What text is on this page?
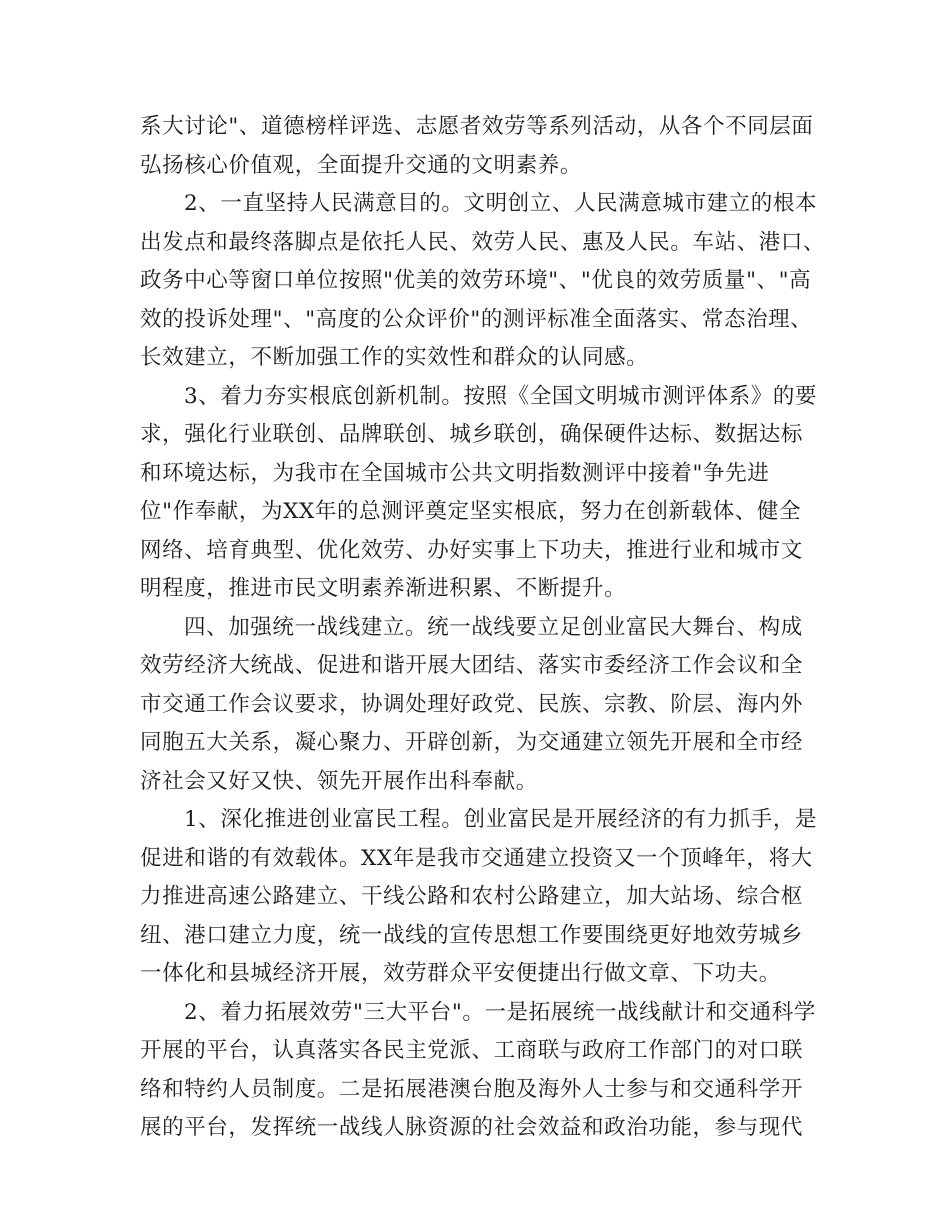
系大讨论"、道德榜样评选、志愿者效劳等系列活动，从各个不同层面
弘扬核心价值观，全面提升交通的文明素养。
2、一直坚持人民满意目的。文明创立、人民满意城市建立的根本
出发点和最终落脚点是依托人民、效劳人民、惠及人民。车站、港口、
政务中心等窗口单位按照"优美的效劳环境"、"优良的效劳质量"、"高
效的投诉处理"、"高度的公众评价"的测评标准全面落实、常态治理、
长效建立，不断加强工作的实效性和群众的认同感。
3、着力夯实根底创新机制。按照《全国文明城市测评体系》的要
求，强化行业联创、品牌联创、城乡联创，确保硬件达标、数据达标
和环境达标，为我市在全国城市公共文明指数测评中接着"争先进
位"作奉献，为XX年的总测评奠定坚实根底，努力在创新载体、健全
网络、培育典型、优化效劳、办好实事上下功夫，推进行业和城市文
明程度，推进市民文明素养渐进积累、不断提升。
四、加强统一战线建立。统一战线要立足创业富民大舞台、构成
效劳经济大统战、促进和谐开展大团结、落实市委经济工作会议和全
市交通工作会议要求，协调处理好政党、民族、宗教、阶层、海内外
同胞五大关系，凝心聚力、开辟创新，为交通建立领先开展和全市经
济社会又好又快、领先开展作出科奉献。
1、深化推进创业富民工程。创业富民是开展经济的有力抓手，是
促进和谐的有效载体。XX年是我市交通建立投资又一个顶峰年，将大
力推进高速公路建立、干线公路和农村公路建立，加大站场、综合枢
纽、港口建立力度，统一战线的宣传思想工作要围绕更好地效劳城乡
一体化和县城经济开展，效劳群众平安便捷出行做文章、下功夫。
2、着力拓展效劳"三大平台"。一是拓展统一战线献计和交通科学
开展的平台，认真落实各民主党派、工商联与政府工作部门的对口联
络和特约人员制度。二是拓展港澳台胞及海外人士参与和交通科学开
展的平台，发挥统一战线人脉资源的社会效益和政治功能，参与现代
